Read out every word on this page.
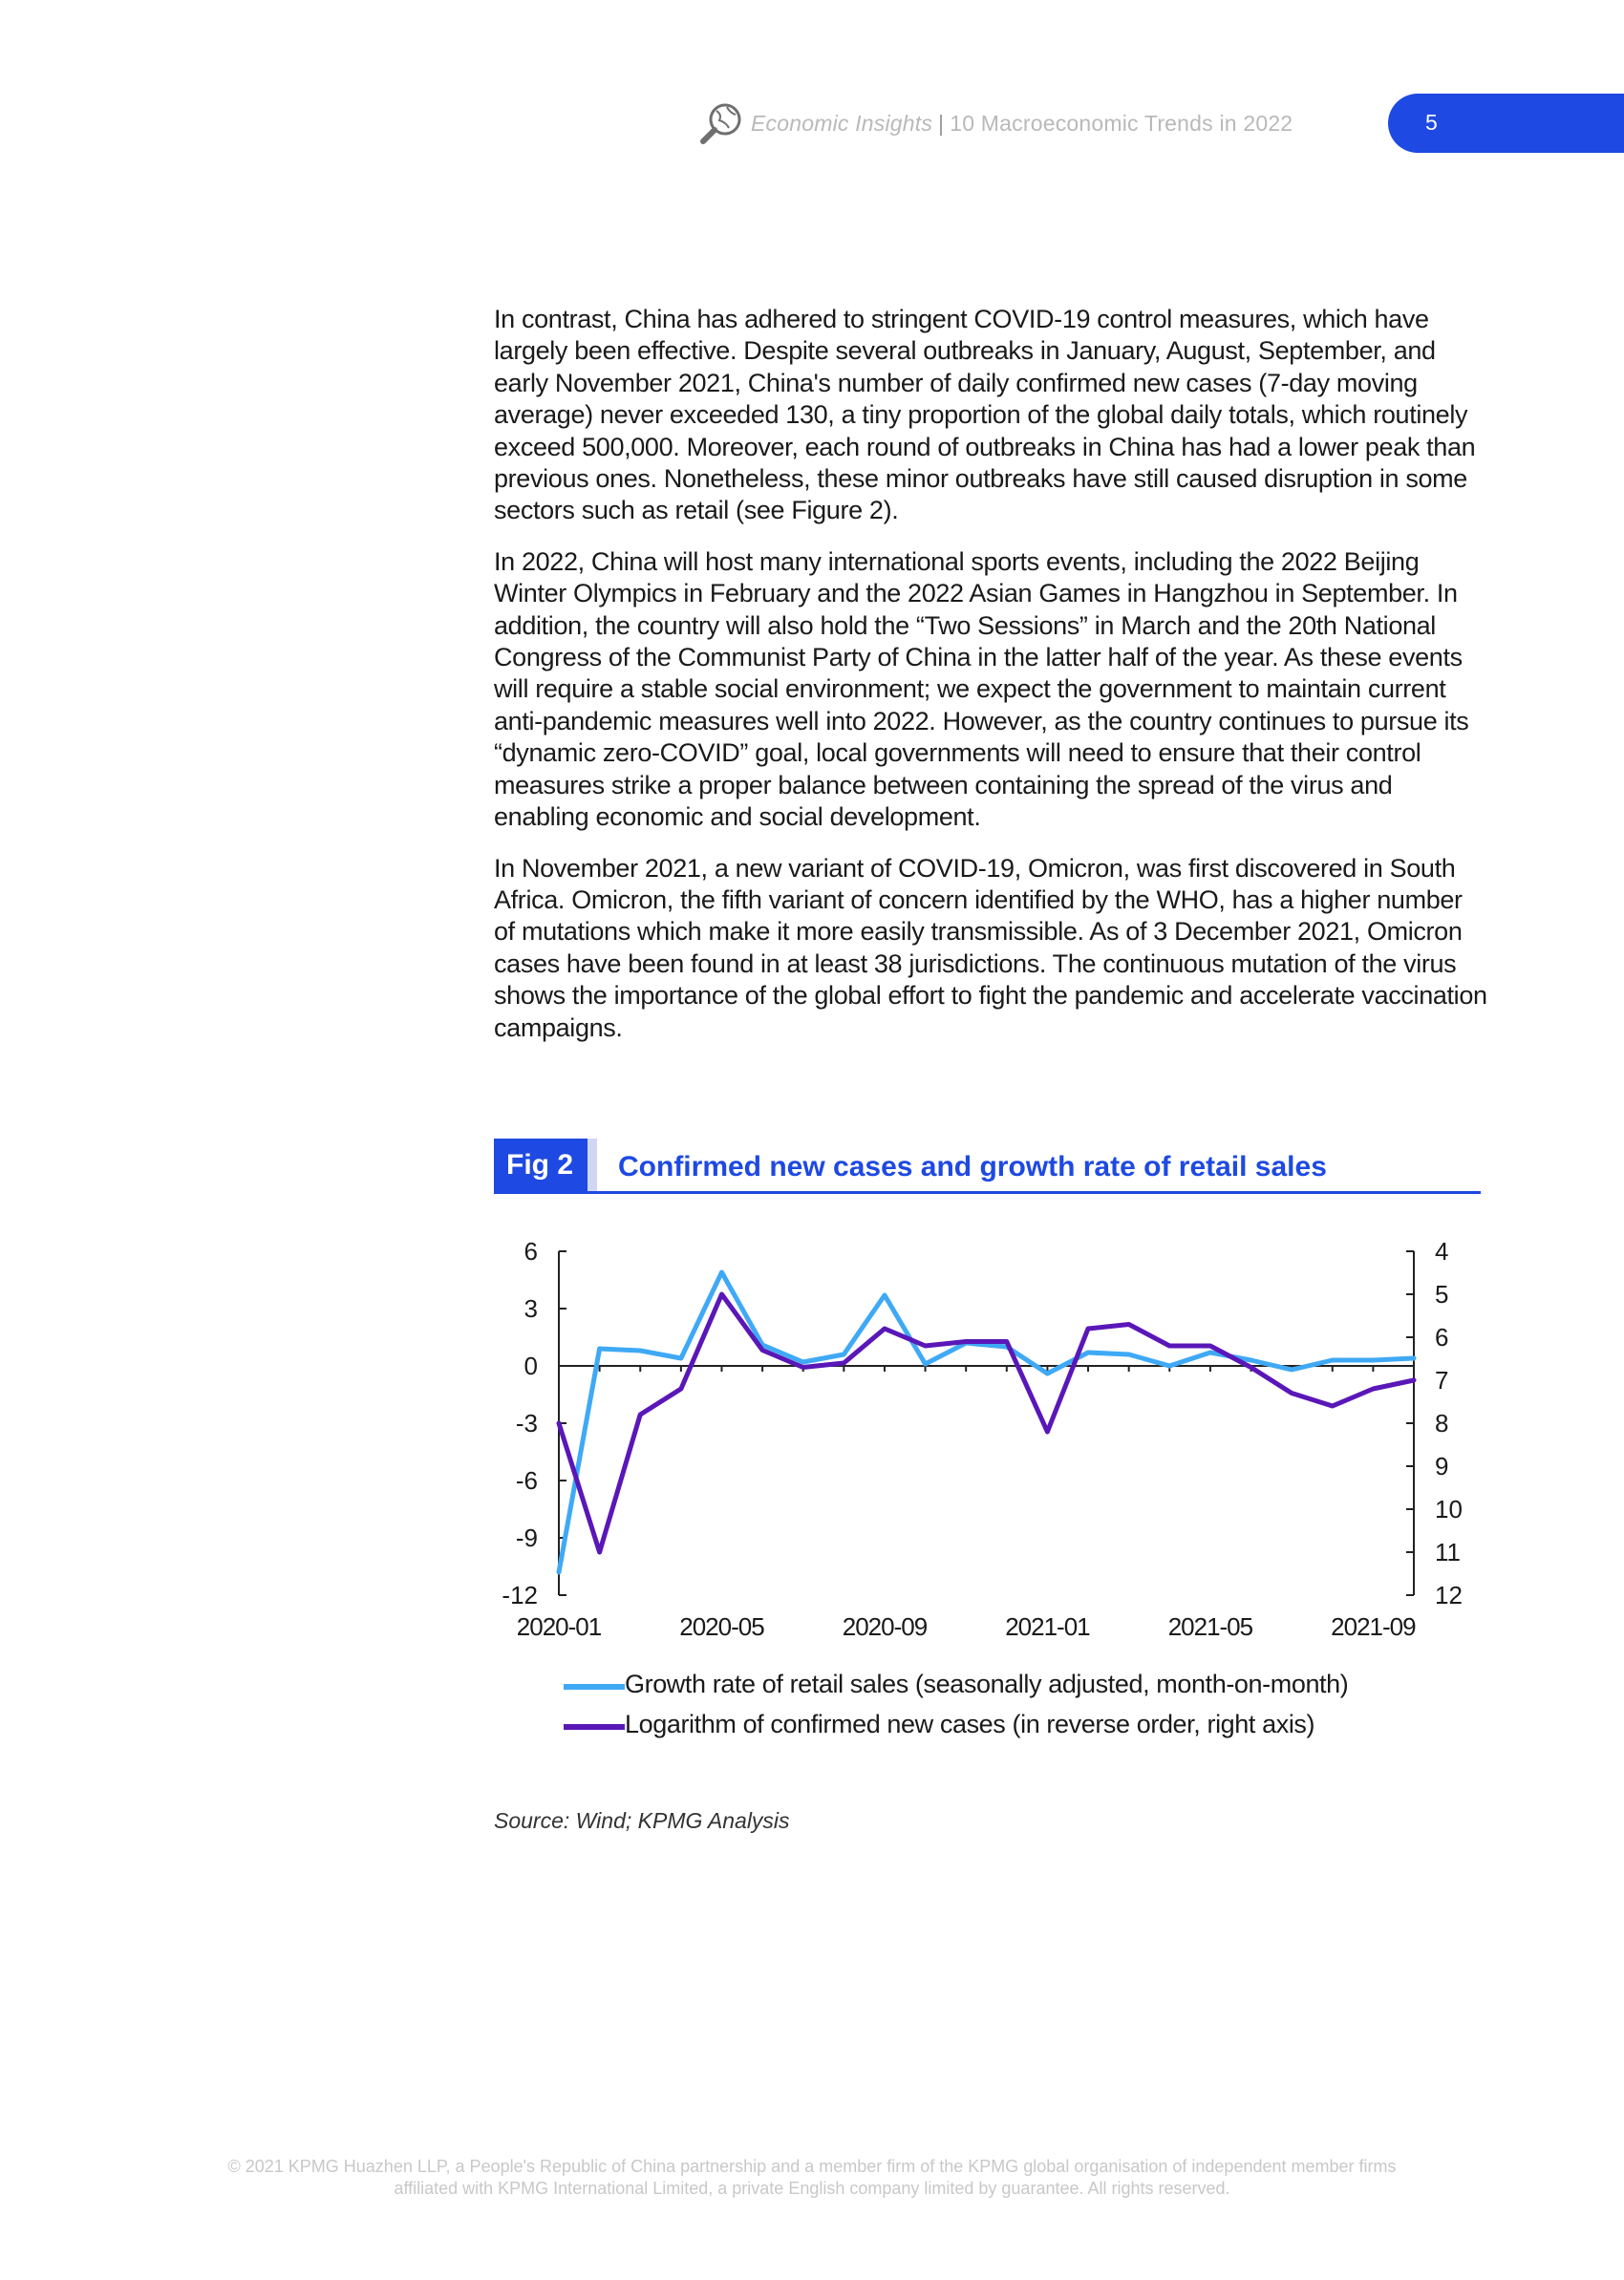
Economic Insights | 10 Macroeconomic Trends in 2022	5

In contrast, China has adhered to stringent COVID-19 control measures, which have largely been effective. Despite several outbreaks in January, August, September, and early November 2021, China's number of daily confirmed new cases (7-day moving average) never exceeded 130, a tiny proportion of the global daily totals, which routinely exceed 500,000. Moreover, each round of outbreaks in China has had a lower peak than previous ones. Nonetheless, these minor outbreaks have still caused disruption in some sectors such as retail (see Figure 2).

In 2022, China will host many international sports events, including the 2022 Beijing Winter Olympics in February and the 2022 Asian Games in Hangzhou in September. In addition, the country will also hold the “Two Sessions” in March and the 20th National Congress of the Communist Party of China in the latter half of the year. As these events will require a stable social environment; we expect the government to maintain current anti-pandemic measures well into 2022. However, as the country continues to pursue its “dynamic zero-COVID” goal, local governments will need to ensure that their control measures strike a proper balance between containing the spread of the virus and enabling economic and social development.

In November 2021, a new variant of COVID-19, Omicron, was first discovered in South Africa. Omicron, the fifth variant of concern identified by the WHO, has a higher number of mutations which make it more easily transmissible. As of 3 December 2021, Omicron cases have been found in at least 38 jurisdictions. The continuous mutation of the virus shows the importance of the global effort to fight the pandemic and accelerate vaccination campaigns.

Fig 2 Confirmed new cases and growth rate of retail sales
6
3
0
-3
-6
-9
-12
4
5
6
7
8
9
10
11
12
2020-01	2020-05	2020-09	2021-01	2021-05	2021-09
Growth rate of retail sales (seasonally adjusted, month-on-month)
Logarithm of confirmed new cases (in reverse order, right axis)
Source: Wind; KPMG Analysis
© 2021 KPMG Huazhen LLP, a People's Republic of China partnership and a member firm of the KPMG global organisation of independent member firms
affiliated with KPMG International Limited, a private English company limited by guarantee. All rights reserved.
